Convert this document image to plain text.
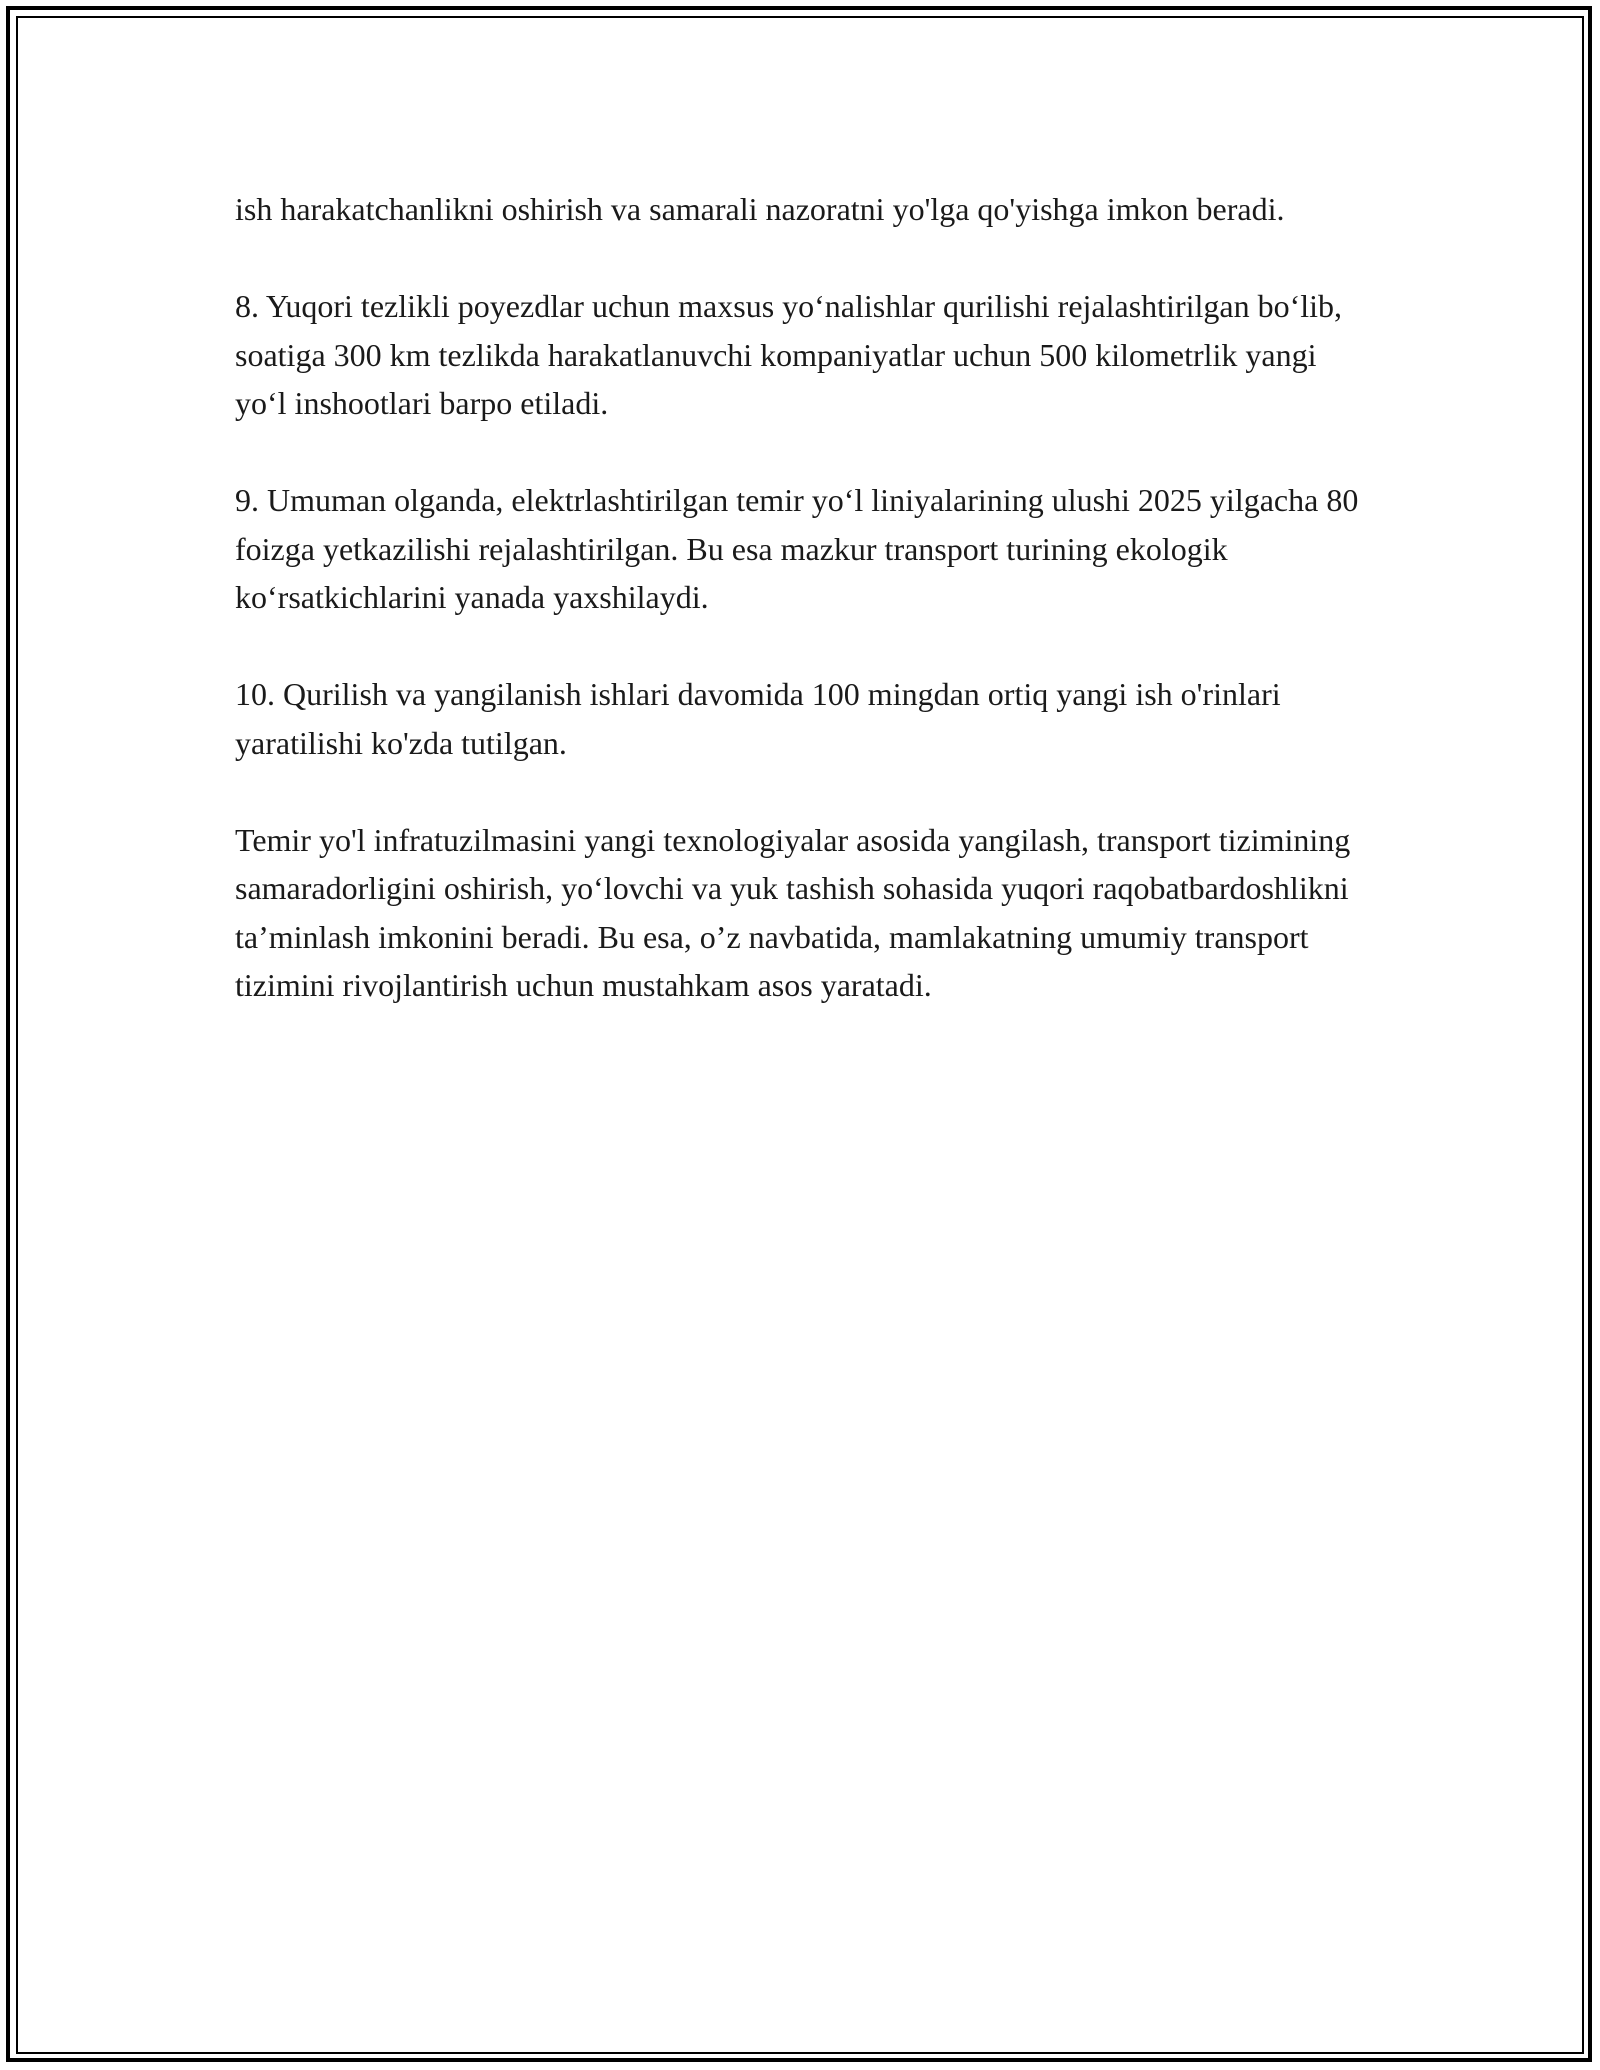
ish harakatchanlikni oshirish va samarali nazoratni yo'lga qo'yishga imkon beradi.

8. Yuqori tezlikli poyezdlar uchun maxsus yo‘nalishlar qurilishi rejalashtirilgan bo‘lib, soatiga 300 km tezlikda harakatlanuvchi kompaniyatlar uchun 500 kilometrlik yangi yo‘l inshootlari barpo etiladi.

9. Umuman olganda, elektrlashtirilgan temir yo‘l liniyalarining ulushi 2025 yilgacha 80 foizga yetkazilishi rejalashtirilgan. Bu esa mazkur transport turining ekologik ko‘rsatkichlarini yanada yaxshilaydi.

10. Qurilish va yangilanish ishlari davomida 100 mingdan ortiq yangi ish o'rinlari yaratilishi ko'zda tutilgan.

Temir yo'l infratuzilmasini yangi texnologiyalar asosida yangilash, transport tizimining samaradorligini oshirish, yo‘lovchi va yuk tashish sohasida yuqori raqobatbardoshlikni ta’minlash imkonini beradi. Bu esa, o’z navbatida, mamlakatning umumiy transport tizimini rivojlantirish uchun mustahkam asos yaratadi.
